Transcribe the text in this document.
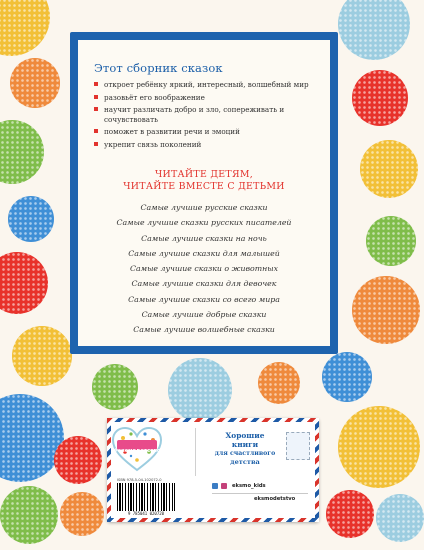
Этот сборник сказок
откроет ребёнку яркий, интересный, волшебный мир
разовьёт его воображение
научит различать добро и зло, сопереживать и сочувствовать
поможет в развитии речи и эмоций
укрепит связь поколений
ЧИТАЙТЕ ДЕТЯМ,
ЧИТАЙТЕ ВМЕСТЕ С ДЕТЬМИ
Самые лучшие русские сказки
Самые лучшие сказки русских писателей
Самые лучшие сказки на ночь
Самые лучшие сказки для малышей
Самые лучшие сказки о животных
Самые лучшие сказки для девочек
Самые лучшие сказки со всего мира
Самые лучшие добрые сказки
Самые лучшие волшебные сказки
#эксмодетство
Хорошие
книги
для счастливого
детства
ISBN 978-5-04-102072-0
9 785041 020720
eksmo_kids
eksmodetstvo
